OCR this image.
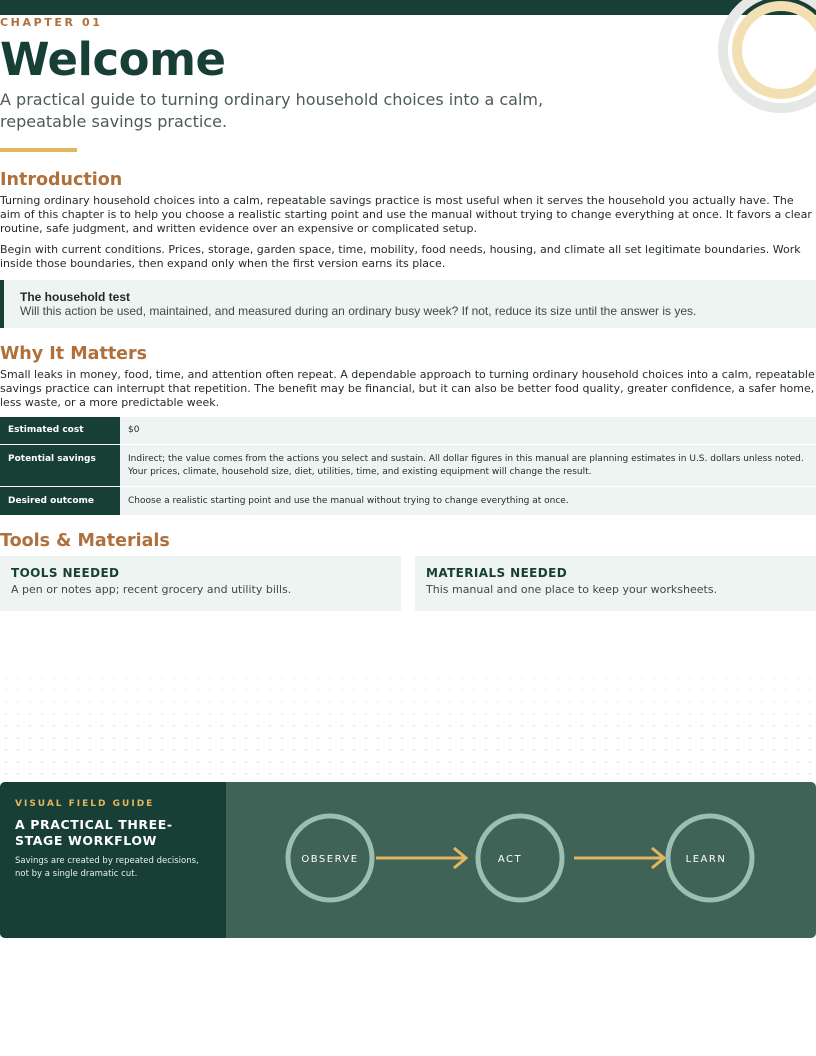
CHAPTER 01
Welcome
A practical guide to turning ordinary household choices into a calm, repeatable savings practice.
Introduction

Turning ordinary household choices into a calm, repeatable savings practice is most useful when it serves the household you actually have. The aim of this chapter is to help you choose a realistic starting point and use the manual without trying to change everything at once. It favors a clear routine, safe judgment, and written evidence over an expensive or complicated setup.

Begin with current conditions. Prices, storage, garden space, time, mobility, food needs, housing, and climate all set legitimate boundaries. Work inside those boundaries, then expand only when the first version earns its place.

The household test
Will this action be used, maintained, and measured during an ordinary busy week? If not, reduce its size until the answer is yes.
Why It Matters

Small leaks in money, food, time, and attention often repeat. A dependable approach to turning ordinary household choices into a calm, repeatable savings practice can interrupt that repetition. The benefit may be financial, but it can also be better food quality, greater confidence, a safer home, less waste, or a more predictable week.

Estimated cost	$0
Potential savings	Indirect; the value comes from the actions you select and sustain. All dollar figures in this manual are planning estimates in U.S. dollars unless noted. Your prices, climate, household size, diet, utilities, time, and existing equipment will change the result.
Desired outcome	Choose a realistic starting point and use the manual without trying to change everything at once.
Tools & Materials
TOOLS NEEDED
A pen or notes app; recent grocery and utility bills.
MATERIALS NEEDED
This manual and one place to keep your worksheets.
VISUAL FIELD GUIDE
A PRACTICAL THREE-STAGE WORKFLOW
Savings are created by repeated decisions, not by a single dramatic cut.
OBSERVE	ACT	LEARN
